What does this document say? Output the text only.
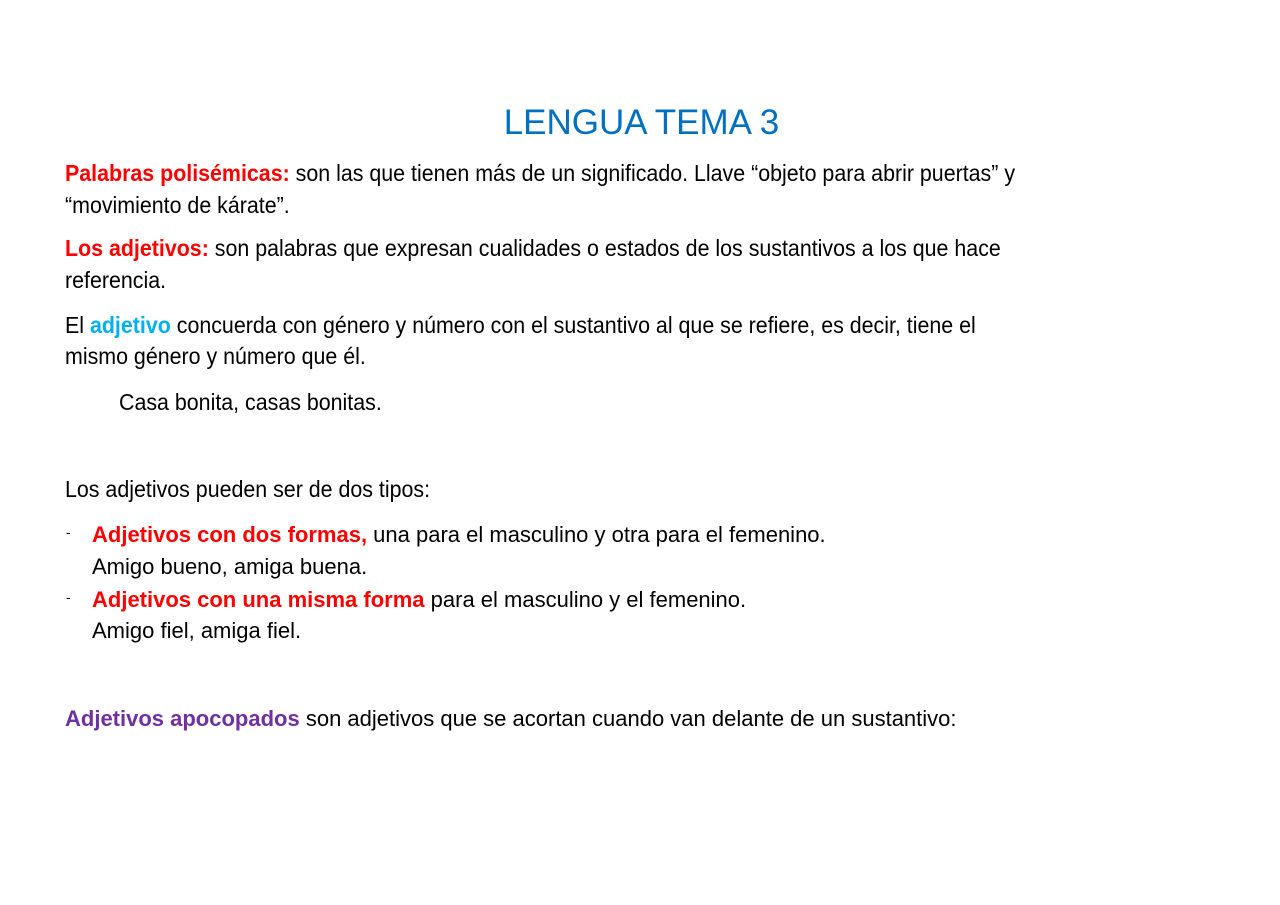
LENGUA TEMA 3
Palabras polisémicas: son las que tienen más de un significado. Llave “objeto para abrir puertas” y
“movimiento de kárate”.
Los adjetivos: son palabras que expresan cualidades o estados de los sustantivos a los que hace
referencia.
El adjetivo concuerda con género y número con el sustantivo al que se refiere, es decir, tiene el
mismo género y número que él.
Casa bonita, casas bonitas.
Los adjetivos pueden ser de dos tipos:
- Adjetivos con dos formas, una para el masculino y otra para el femenino.
Amigo bueno, amiga buena.
- Adjetivos con una misma forma para el masculino y el femenino.
Amigo fiel, amiga fiel.
Adjetivos apocopados son adjetivos que se acortan cuando van delante de un sustantivo:
